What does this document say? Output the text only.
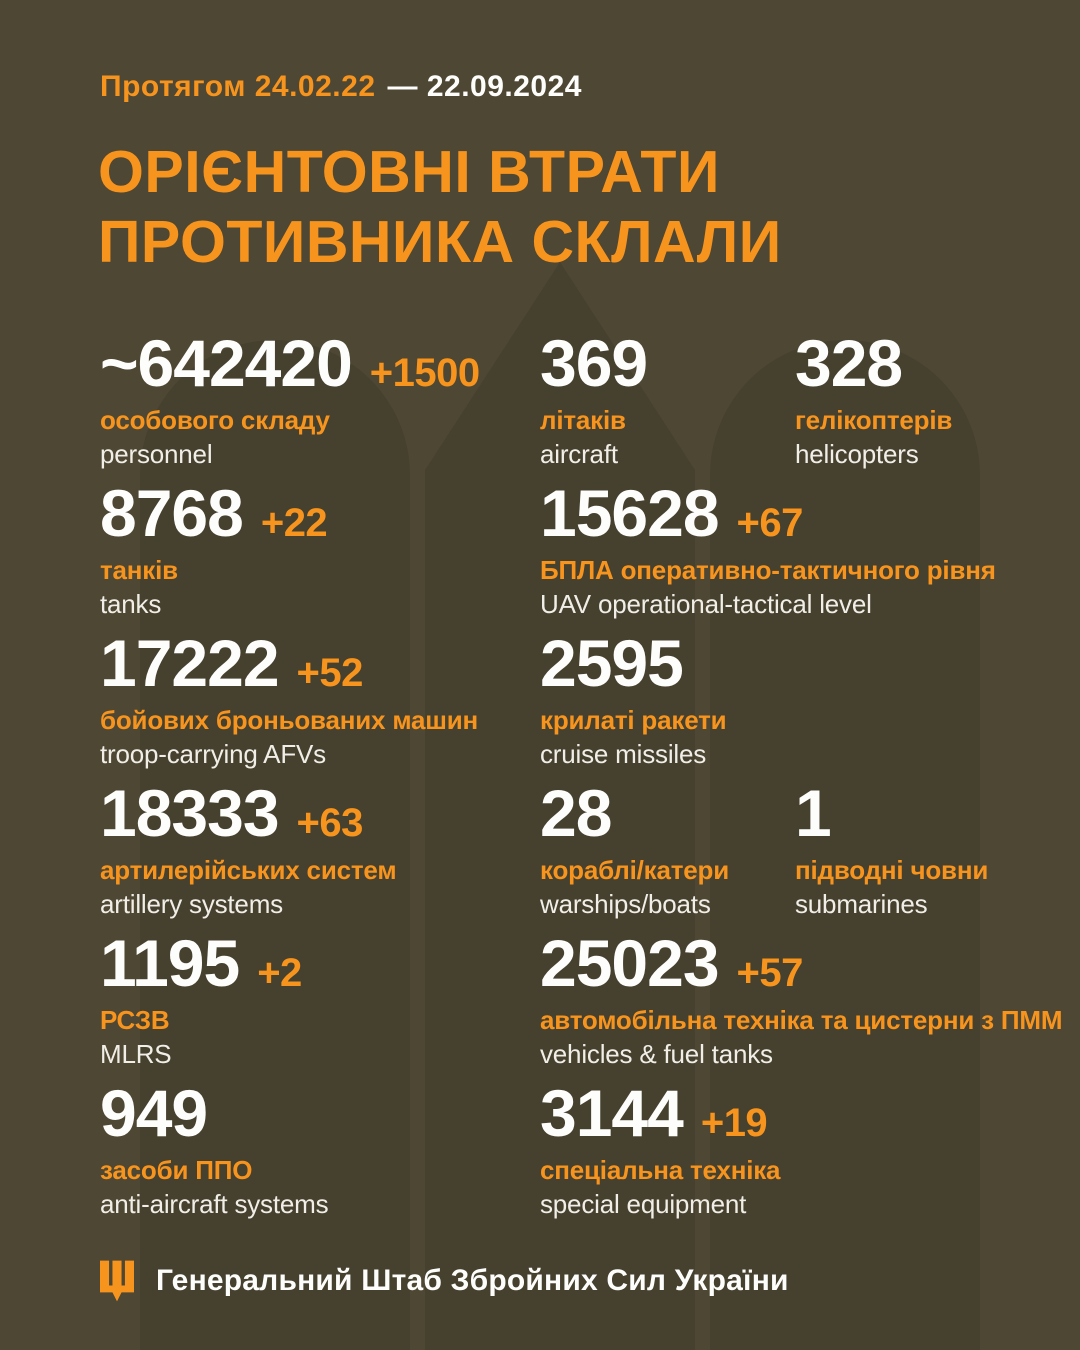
Протягом 24.02.22 — 22.09.2024
ОРІЄНТОВНІ ВТРАТИ
ПРОТИВНИКА СКЛАЛИ
~642420 +1500
особового складу
personnel
369
літаків
aircraft
328
гелікоптерів
helicopters
8768 +22
танків
tanks
15628 +67
БПЛА оперативно-тактичного рівня
UAV operational-tactical level
17222 +52
бойових броньованих машин
troop-carrying AFVs
2595
крилаті ракети
cruise missiles
18333 +63
артилерійських систем
artillery systems
28
кораблі/катери
warships/boats
1
підводні човни
submarines
1195 +2
РСЗВ
MLRS
25023 +57
автомобільна техніка та цистерни з ПММ
vehicles & fuel tanks
949
засоби ППО
anti-aircraft systems
3144 +19
спеціальна техніка
special equipment
Генеральний Штаб Збройних Сил України
